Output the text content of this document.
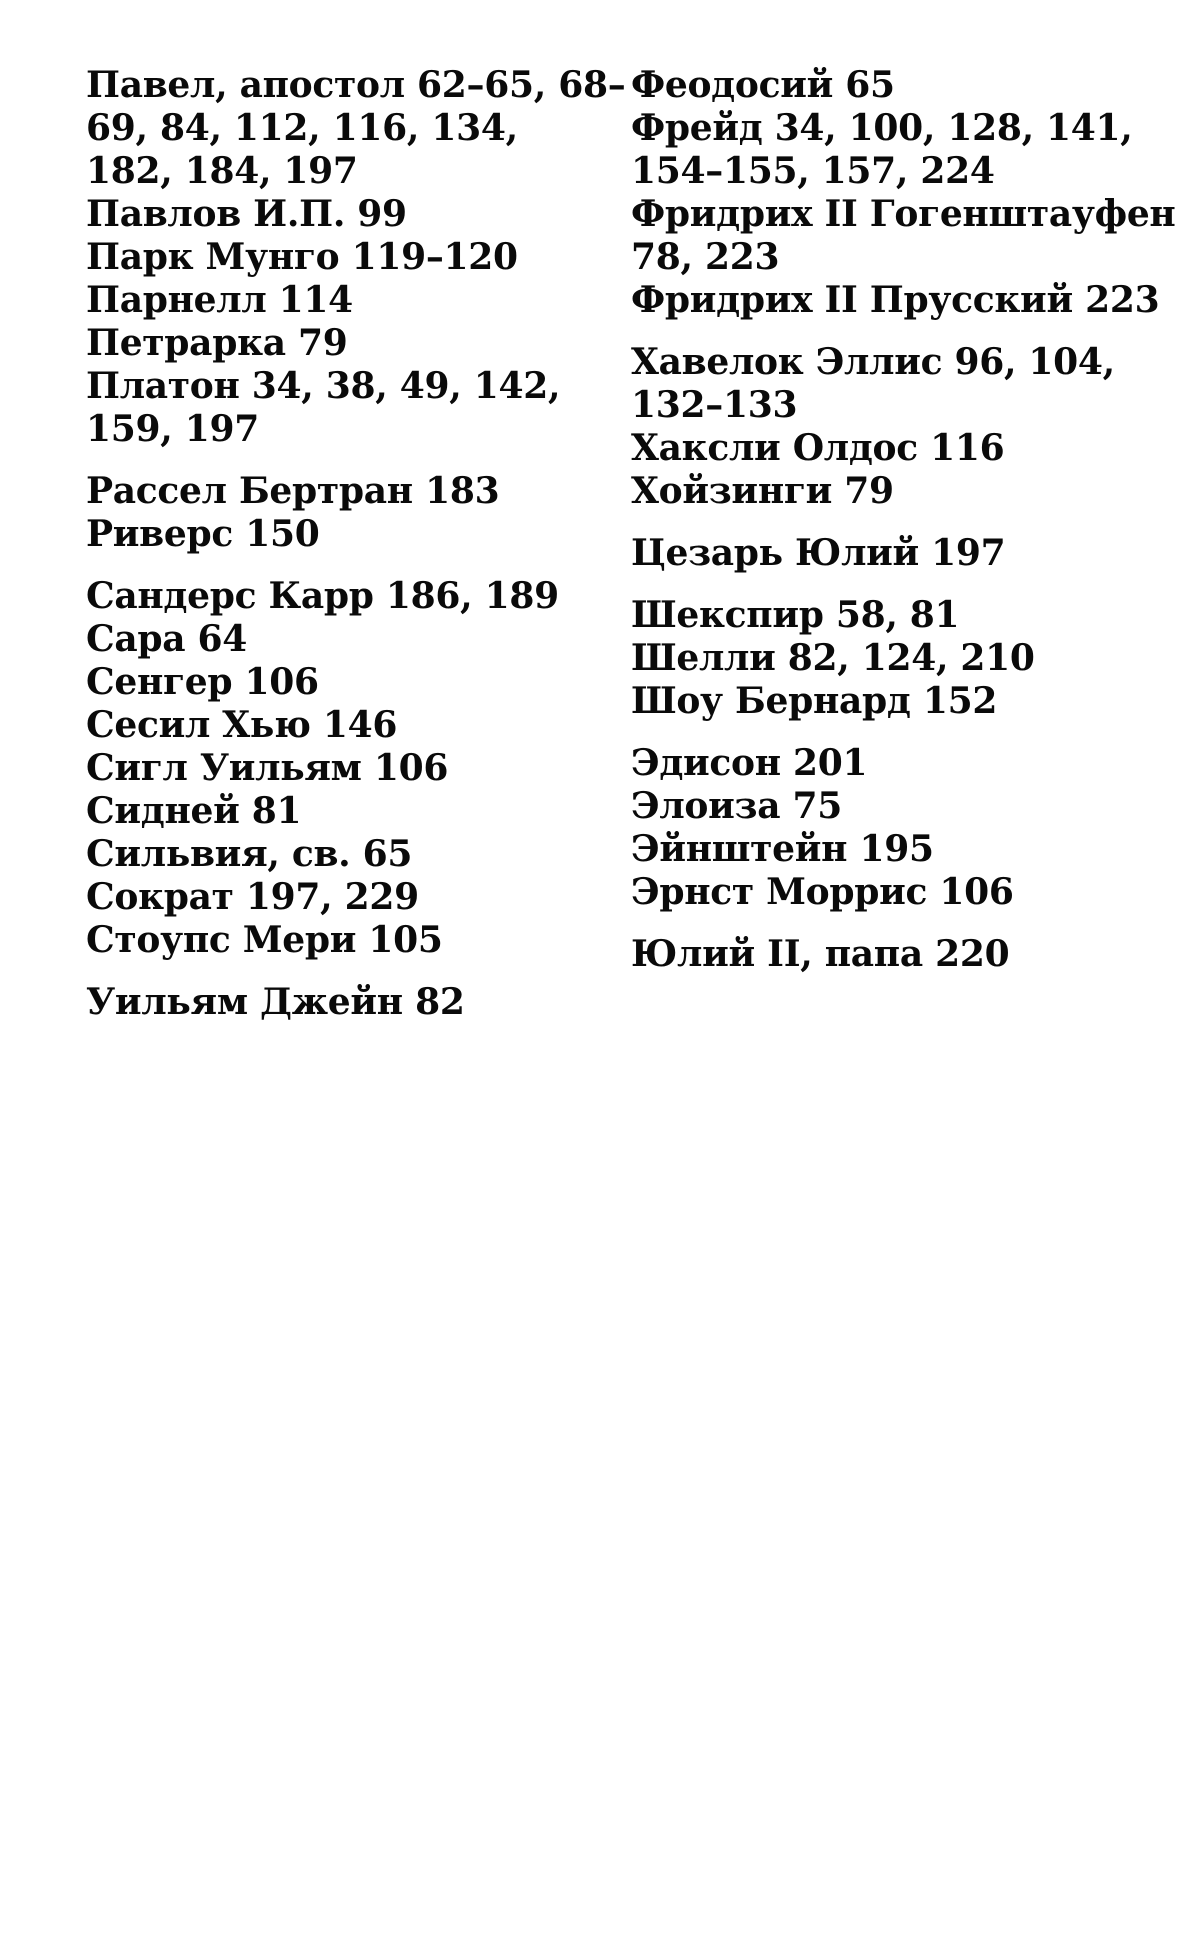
Павел, апостол 62–65, 68–
69, 84, 112, 116, 134,
182, 184, 197
Павлов И.П. 99
Парк Мунго 119–120
Парнелл 114
Петрарка 79
Платон 34, 38, 49, 142,
159, 197
Рассел Бертран 183
Риверс 150
Сандерс Карр 186, 189
Сара 64
Сенгер 106
Сесил Хью 146
Сигл Уильям 106
Сидней 81
Сильвия, св. 65
Сократ 197, 229
Стоупс Мери 105
Уильям Джейн 82
Феодосий 65
Фрейд 34, 100, 128, 141,
154–155, 157, 224
Фридрих II Гогенштауфен
78, 223
Фридрих II Прусский 223
Хавелок Эллис 96, 104,
132–133
Хаксли Олдос 116
Хойзинги 79
Цезарь Юлий 197
Шекспир 58, 81
Шелли 82, 124, 210
Шоу Бернард 152
Эдисон 201
Элоиза 75
Эйнштейн 195
Эрнст Моррис 106
Юлий II, папа 220
